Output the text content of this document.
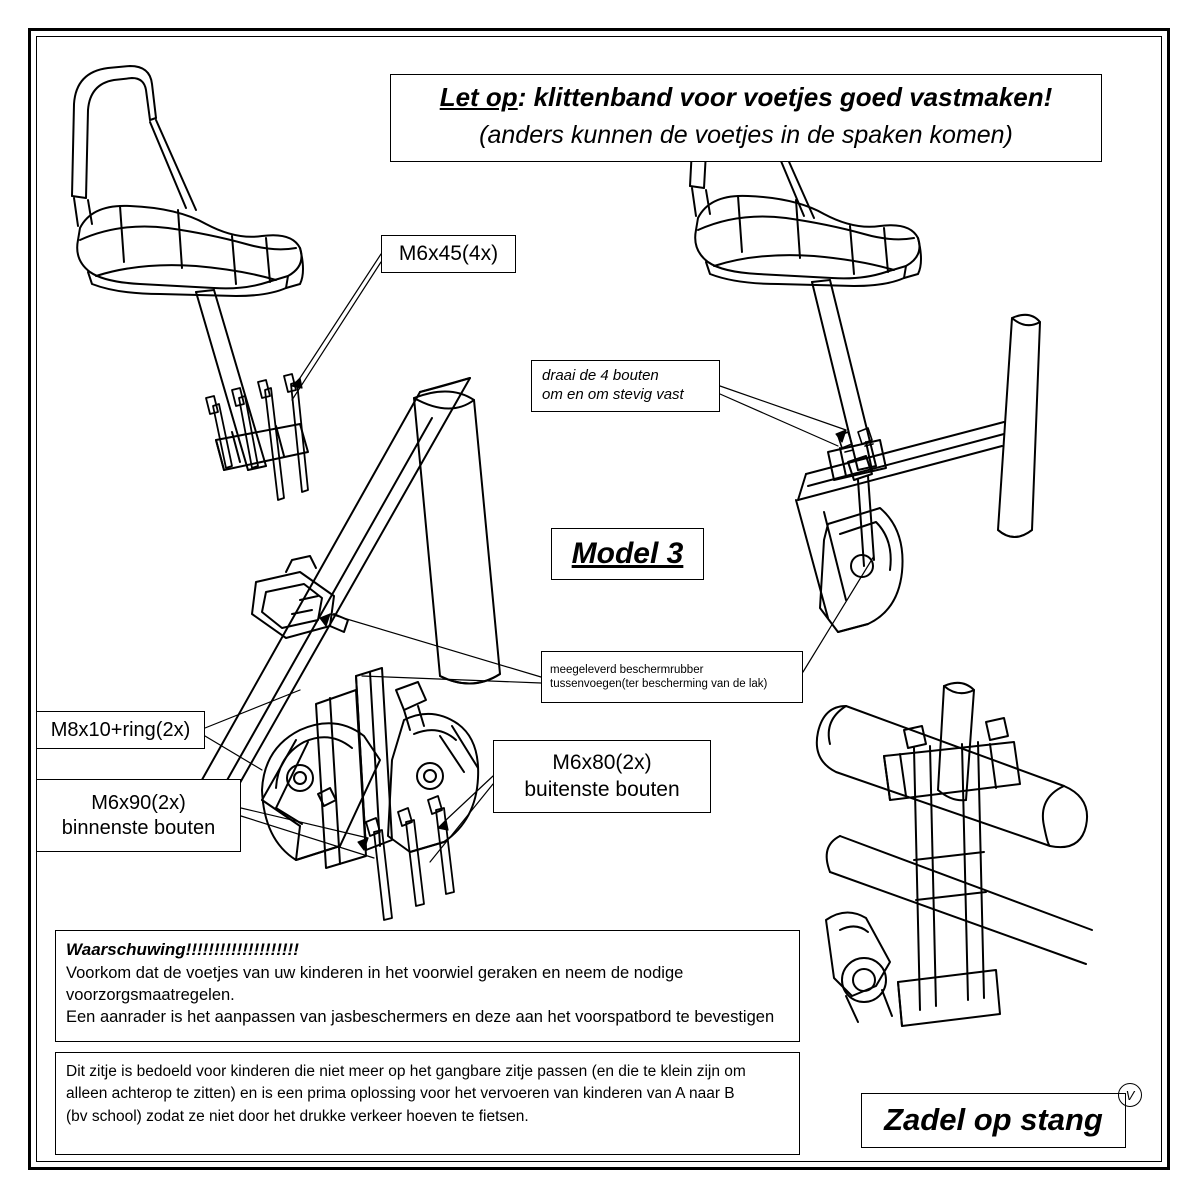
Let op: klittenband voor voetjes goed vastmaken!
(anders kunnen de voetjes in de spaken komen)
M6x45(4x)
draai de 4 bouten
om en om stevig vast
Model 3
meegeleverd beschermrubber
tussenvoegen(ter bescherming van de lak)
M8x10+ring(2x)
M6x90(2x)
binnenste bouten
M6x80(2x)
buitenste bouten
Waarschuwing!!!!!!!!!!!!!!!!!!!!
Voorkom dat de voetjes van uw kinderen in het voorwiel geraken en neem de nodige
voorzorgsmaatregelen.
Een aanrader is het aanpassen van jasbeschermers en deze aan het voorspatbord te bevestigen
Dit zitje is bedoeld voor kinderen die niet meer op het gangbare zitje passen (en die te klein zijn om
alleen achterop te zitten) en is een prima oplossing voor het vervoeren van kinderen van A naar B
(bv school) zodat ze niet door het drukke verkeer hoeven te fietsen.	Zadel op stang
V
